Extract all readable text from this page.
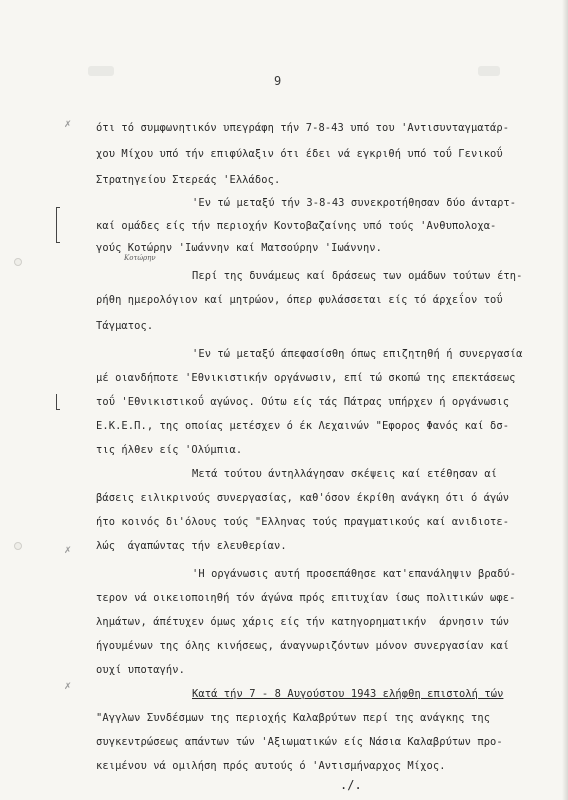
✗
✗
✗
9
ότι τό συμφωνητικόν υπεγράφη τήν 7-8-43 υπό του 'Αντισυνταγματάρ-
χου Μίχου υπό τήν επιφύλαξιν ότι έδει νά εγκριθή υπό τοΰ Γενικοΰ
Στρατηγείου Στερεάς 'Ελλάδος.
'Εν τώ μεταξύ τήν 3-8-43 συνεκροτήθησαν δύο άνταρτ-
καί ομάδες είς τήν περιοχήν Κοντοβαζαίνης υπό τούς 'Ανθυπολοχα-
γούς Κοτώρην 'Ιωάννην καί Ματσούρην 'Ιωάννην.
Κοτώρην
Περί της δυνάμεως καί δράσεως των ομάδων τούτων έτη-
ρήθη ημερολόγιον καί μητρώον, όπερ φυλάσσεται είς τό άρχεΐον τοΰ
Τάγματος.
'Εν τώ μεταξύ άπεφασίσθη όπως επιζητηθή ή συνεργασία
μέ οιανδήποτε 'Εθνικιστικήν οργάνωσιν, επί τώ σκοπώ της επεκτάσεως
τοΰ 'Εθνικιστικοΰ αγώνος. Ούτω είς τάς Πάτρας υπήρχεν ή οργάνωσις
Ε.Κ.Ε.Π., της οποίας μετέσχεν ό έκ Λεχαινών "Εφορος Φανός καί δσ-
τις ήλθεν είς 'Ολύμπια.
Μετά τούτου άντηλλάγησαν σκέψεις καί ετέθησαν αί
βάσεις ειλικρινούς συνεργασίας, καθ'όσον έκρίθη ανάγκη ότι ό άγών
ήτο κοινός δι'όλους τούς "Ελληνας τούς πραγματικούς καί ανιδιοτε-
λώς  άγαπώντας τήν ελευθερίαν.
'Η οργάνωσις αυτή προσεπάθησε κατ'επανάληψιν βραδύ-
τερον νά οικειοποιηθή τόν άγώνα πρός επιτυχίαν ίσως πολιτικών ωφε-
λημάτων, άπέτυχεν όμως χάρις είς τήν κατηγορηματικήν  άρνησιν τών
ήγουμένων της όλης κινήσεως, άναγνωριζόντων μόνον συνεργασίαν καί
ουχί υποταγήν.
Κατά τήν 7 - 8 Αυγούστου 1943 ελήφθη επιστολή τών
"Αγγλων Συνδέσμων της περιοχής Καλαβρύτων περί της ανάγκης της
συγκεντρώσεως απάντων τών 'Αξιωματικών είς Νάσια Καλαβρύτων προ-
κειμένου νά ομιλήση πρός αυτούς ό 'Αντισμήναρχος Μίχος.
./.
